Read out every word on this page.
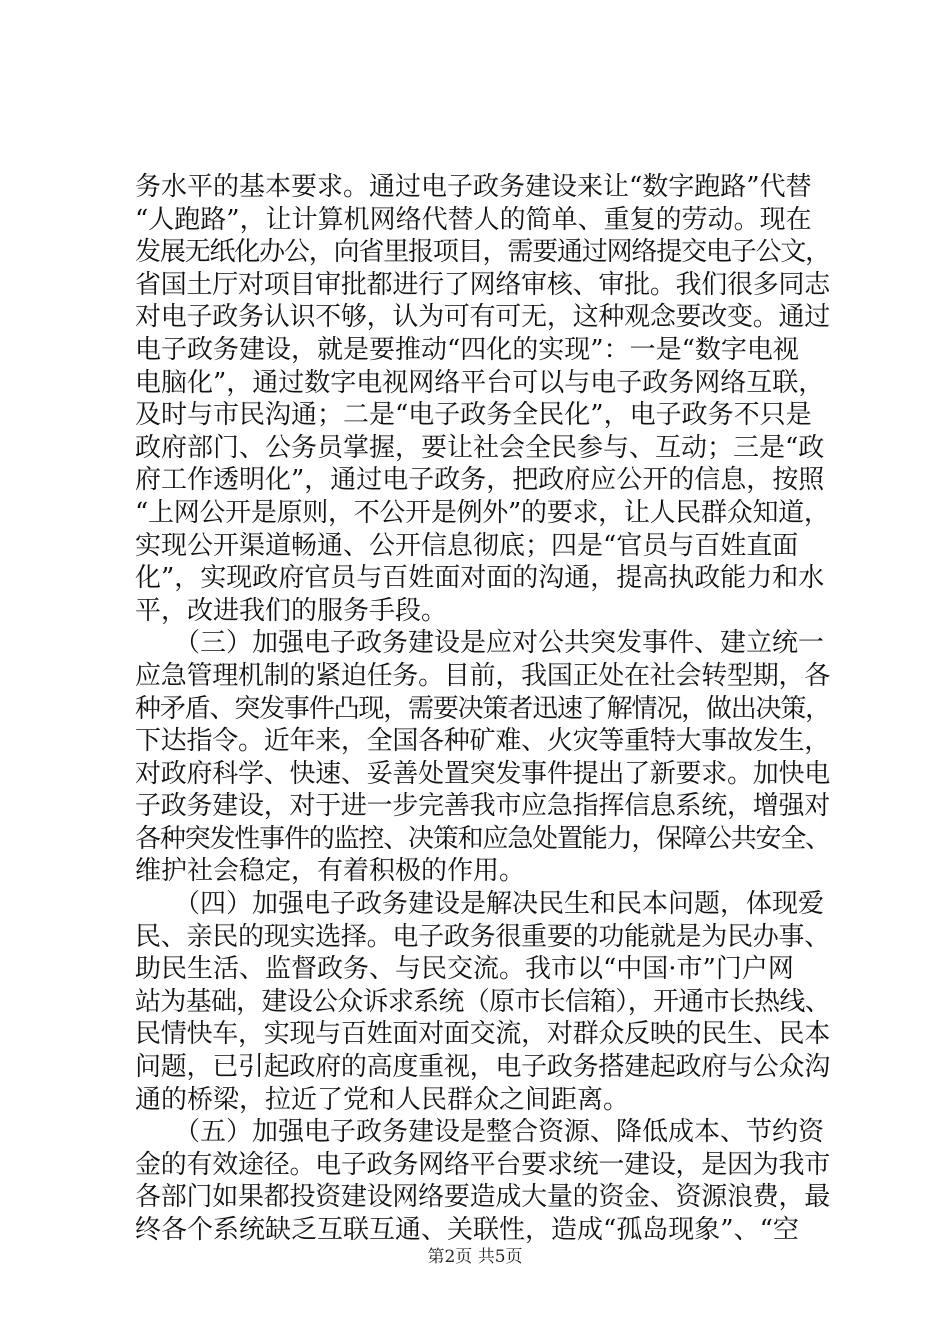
务水平的基本要求。通过电子政务建设来让“数字跑路”代替
“人跑路”，让计算机网络代替人的简单、重复的劳动。现在
发展无纸化办公，向省里报项目，需要通过网络提交电子公文，
省国土厅对项目审批都进行了网络审核、审批。我们很多同志
对电子政务认识不够，认为可有可无，这种观念要改变。通过
电子政务建设，就是要推动“四化的实现”：一是“数字电视
电脑化”，通过数字电视网络平台可以与电子政务网络互联，
及时与市民沟通；二是“电子政务全民化”，电子政务不只是
政府部门、公务员掌握，要让社会全民参与、互动；三是“政
府工作透明化”，通过电子政务，把政府应公开的信息，按照
“上网公开是原则，不公开是例外”的要求，让人民群众知道，
实现公开渠道畅通、公开信息彻底；四是“官员与百姓直面
化”，实现政府官员与百姓面对面的沟通，提高执政能力和水
平，改进我们的服务手段。
　　（三）加强电子政务建设是应对公共突发事件、建立统一
应急管理机制的紧迫任务。目前，我国正处在社会转型期，各
种矛盾、突发事件凸现，需要决策者迅速了解情况，做出决策，
下达指令。近年来，全国各种矿难、火灾等重特大事故发生，
对政府科学、快速、妥善处置突发事件提出了新要求。加快电
子政务建设，对于进一步完善我市应急指挥信息系统，增强对
各种突发性事件的监控、决策和应急处置能力，保障公共安全、
维护社会稳定，有着积极的作用。
　　（四）加强电子政务建设是解决民生和民本问题，体现爱
民、亲民的现实选择。电子政务很重要的功能就是为民办事、
助民生活、监督政务、与民交流。我市以“中国·市”门户网
站为基础，建设公众诉求系统（原市长信箱），开通市长热线、
民情快车，实现与百姓面对面交流，对群众反映的民生、民本
问题，已引起政府的高度重视，电子政务搭建起政府与公众沟
通的桥梁，拉近了党和人民群众之间距离。
　　（五）加强电子政务建设是整合资源、降低成本、节约资
金的有效途径。电子政务网络平台要求统一建设，是因为我市
各部门如果都投资建设网络要造成大量的资金、资源浪费，最
终各个系统缺乏互联互通、关联性，造成“孤岛现象”、“空
第2页 共5页
